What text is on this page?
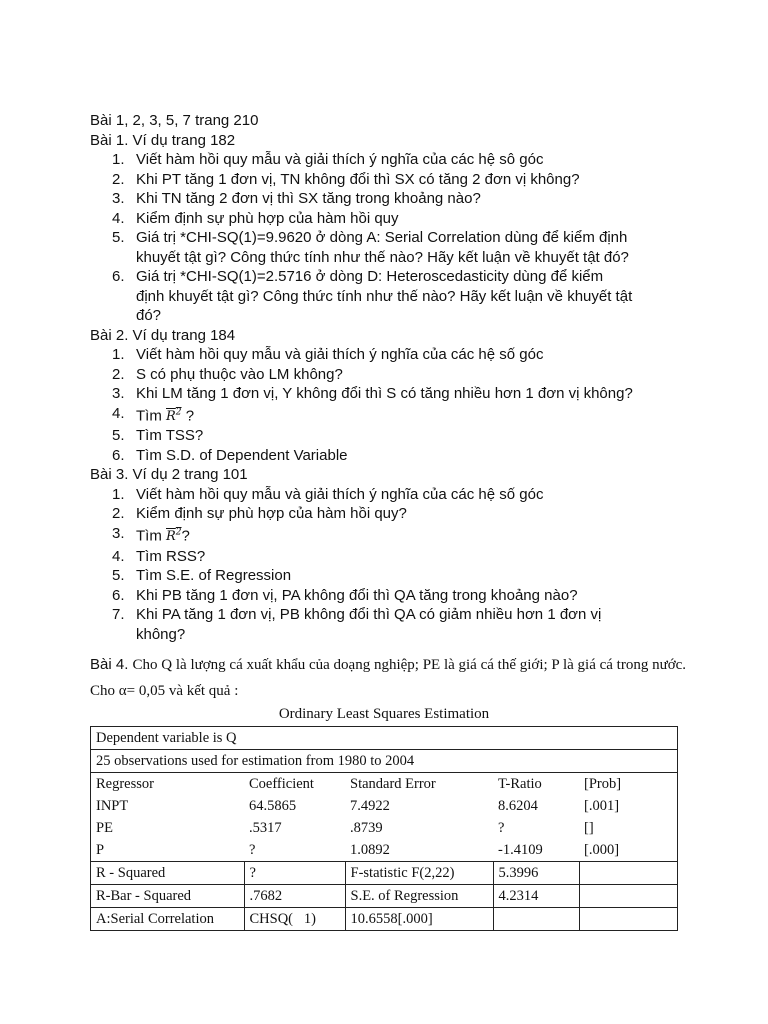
Bài 1, 2, 3, 5, 7 trang 210
Bài 1. Ví dụ trang 182
1. Viết hàm hồi quy mẫu và giải thích ý nghĩa của các hệ sô góc
2. Khi PT tăng 1 đơn vị, TN không đổi thì SX có tăng 2 đơn vị không?
3. Khi TN tăng 2 đơn vị thì SX tăng trong khoảng nào?
4. Kiểm định sự phù hợp của hàm hồi quy
5. Giá trị *CHI-SQ(1)=9.9620 ở dòng A: Serial Correlation dùng để kiểm định
khuyết tật gì? Công thức tính như thế nào? Hãy kết luận về khuyết tật đó?
6. Giá trị *CHI-SQ(1)=2.5716 ở dòng D: Heteroscedasticity dùng để kiểm
định khuyết tật gì? Công thức tính như thế nào? Hãy kết luận về khuyết tật
đó?
Bài 2. Ví dụ trang 184
1. Viết hàm hồi quy mẫu và giải thích ý nghĩa của các hệ số góc
2. S có phụ thuộc vào LM không?
3. Khi LM tăng 1 đơn vị, Y không đổi thì S có tăng nhiều hơn 1 đơn vị không?
4. Tìm $R^2$ ?
5. Tìm TSS?
6. Tìm S.D. of Dependent Variable
Bài 3. Ví dụ 2 trang 101
1. Viết hàm hồi quy mẫu và giải thích ý nghĩa của các hệ số góc
2. Kiểm định sự phù hợp của hàm hồi quy?
3. Tìm $R^2$?
4. Tìm RSS?
5. Tìm S.E. of Regression
6. Khi PB tăng 1 đơn vị, PA không đổi thì QA tăng trong khoảng nào?
7. Khi PA tăng 1 đơn vị, PB không đổi thì QA có giảm nhiều hơn 1 đơn vị
không?
Bài 4. Cho Q là lượng cá xuất khẩu của doạng nghiệp; PE là giá cá thế giới; P là giá cá trong nước. Cho α= 0,05 và kết quả :
Ordinary Least Squares Estimation
Dependent variable is Q				
25 observations used for estimation from 1980 to 2004				
Regressor	Coefficient	Standard Error	T-Ratio	[Prob]
INPT	64.5865	7.4922	8.6204	[.001]
PE	.5317	.8739	?	[]
P	?	1.0892	-1.4109	[.000]
R - Squared	?	F-statistic F(2,22)	5.3996	
R-Bar - Squared	.7682	S.E. of Regression	4.2314	
A:Serial Correlation	CHSQ(   1)	10.6558[.000]		
